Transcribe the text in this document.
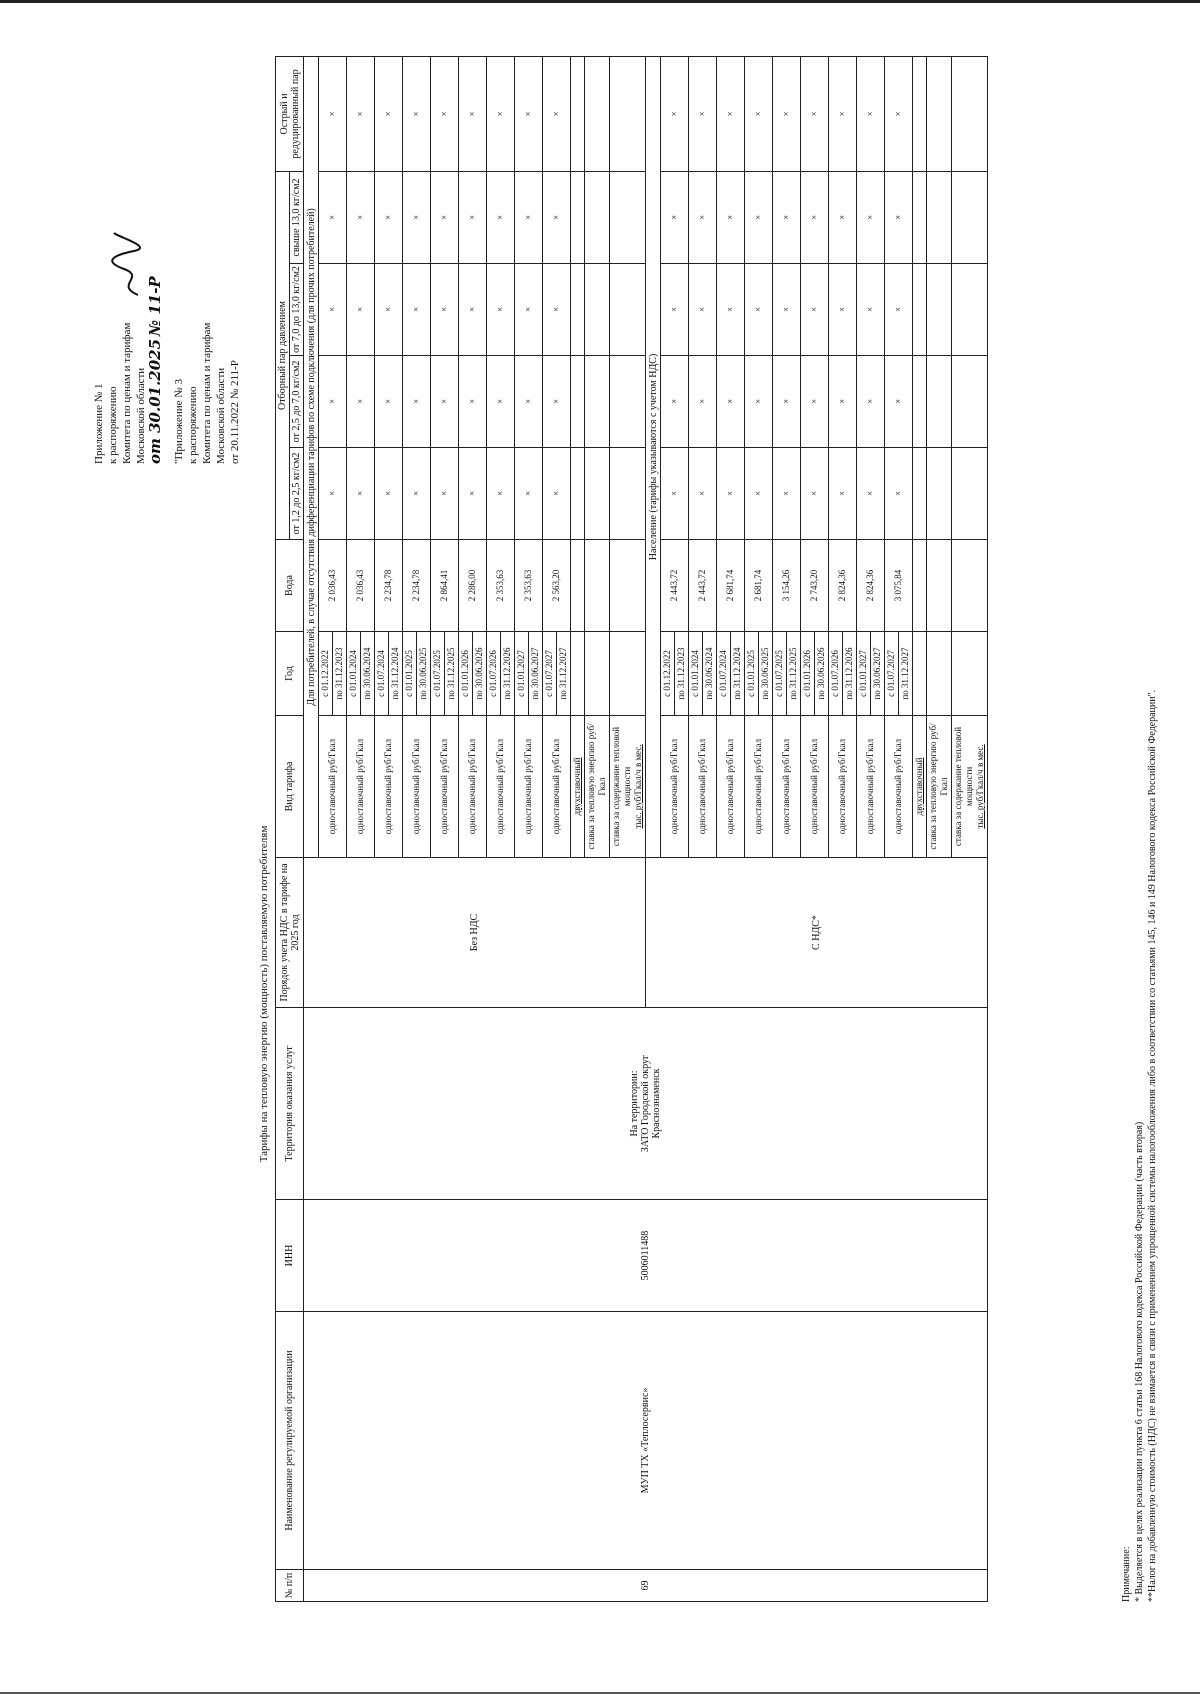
Приложение № 1 к распоряжению Комитета по ценам и тарифам Московской области от 30.01.2025 № 11-Р
"Приложение № 3 к распоряжению Комитета по ценам и тарифам Московской области от 20.11.2022 № 211-Р
Тарифы на тепловую энергию (мощность) поставляемую потребителям
№ п/п	Наименование регулируемой организации	ИНН	Территория оказания услуг	Порядок учета НДС в тарифе на 2025 год	Вид тарифа	Год	Вода	Отборный пар давлением				Острый и редуцированный пар
								от 1,2 до 2,5 кг/см2	от 2,5 до 7,0 кг/см2	от 7,0 до 13,0 кг/см2	свыше 13,0 кг/см2	
69	МУП ТХ «Теплосервис»	5006011488	На территории: ЗАТО Городской округ Краснознаменск	Без НДС	Для потребителей, в случае отсутствия дифференциации тарифов по схеме подключения (для прочих потребителей)							
					одноставочный руб/Гкал	с 01.12.2022	2 036,43	×	×	×	×	×
						по 31.12.2023						
					одноставочный руб/Гкал	с 01.01.2024	2 036,43	×	×	×	×	×
						по 30.06.2024						
					одноставочный руб/Гкал	с 01.07.2024	2 234,78	×	×	×	×	×
						по 31.12.2024						
					одноставочный руб/Гкал	с 01.01.2025	2 234,78	×	×	×	×	×
						по 30.06.2025						
					одноставочный руб/Гкал	с 01.07.2025	2 864,41	×	×	×	×	×
						по 31.12.2025						
					одноставочный руб/Гкал	с 01.01.2026	2 286,00	×	×	×	×	×
						по 30.06.2026						
					одноставочный руб/Гкал	с 01.07.2026	2 353,63	×	×	×	×	×
						по 31.12.2026						
					одноставочный руб/Гкал	с 01.01.2027	2 353,63	×	×	×	×	×
						по 30.06.2027						
					одноставочный руб/Гкал	с 01.07.2027	2 563,20	×	×	×	×	×
						по 31.12.2027						
					двухставочный							
					ставка за тепловую энергию руб/Гкал							

					ставка за содержание тепловой мощности тыс. руб/Гкал/ч в мес.							

				С НДС*	Население (тарифы указываются с учетом НДС)							
					одноставочный руб/Гкал	с 01.12.2022	2 443,72	×	×	×	×	×
						по 31.12.2023						
					одноставочный руб/Гкал	с 01.01.2024	2 443,72	×	×	×	×	×
						по 30.06.2024						
					одноставочный руб/Гкал	с 01.07.2024	2 681,74	×	×	×	×	×
						по 31.12.2024						
					одноставочный руб/Гкал	с 01.01.2025	2 681,74	×	×	×	×	×
						по 30.06.2025						
					одноставочный руб/Гкал	с 01.07.2025	3 154,26	×	×	×	×	×
						по 31.12.2025						
					одноставочный руб/Гкал	с 01.01.2026	2 743,20	×	×	×	×	×
						по 30.06.2026						
					одноставочный руб/Гкал	с 01.07.2026	2 824,36	×	×	×	×	×
						по 31.12.2026						
					одноставочный руб/Гкал	с 01.01.2027	2 824,36	×	×	×	×	×
						по 30.06.2027						
					одноставочный руб/Гкал	с 01.07.2027	3 075,84	×	×	×	×	×
						по 31.12.2027						
					двухставочный							
					ставка за тепловую энергию руб/Гкал							

					ставка за содержание тепловой мощности тыс. руб/Гкал/ч в мес.							

Примечание: * Выделяется в целях реализации пункта 6 статьи 168 Налогового кодекса Российской Федерации (часть вторая) **Налог на добавленную стоимость (НДС) не взимается в связи с применением упрощенной системы налогообложения либо в соответствии со статьями 145, 146 и 149 Налогового кодекса Российской Федерации".
